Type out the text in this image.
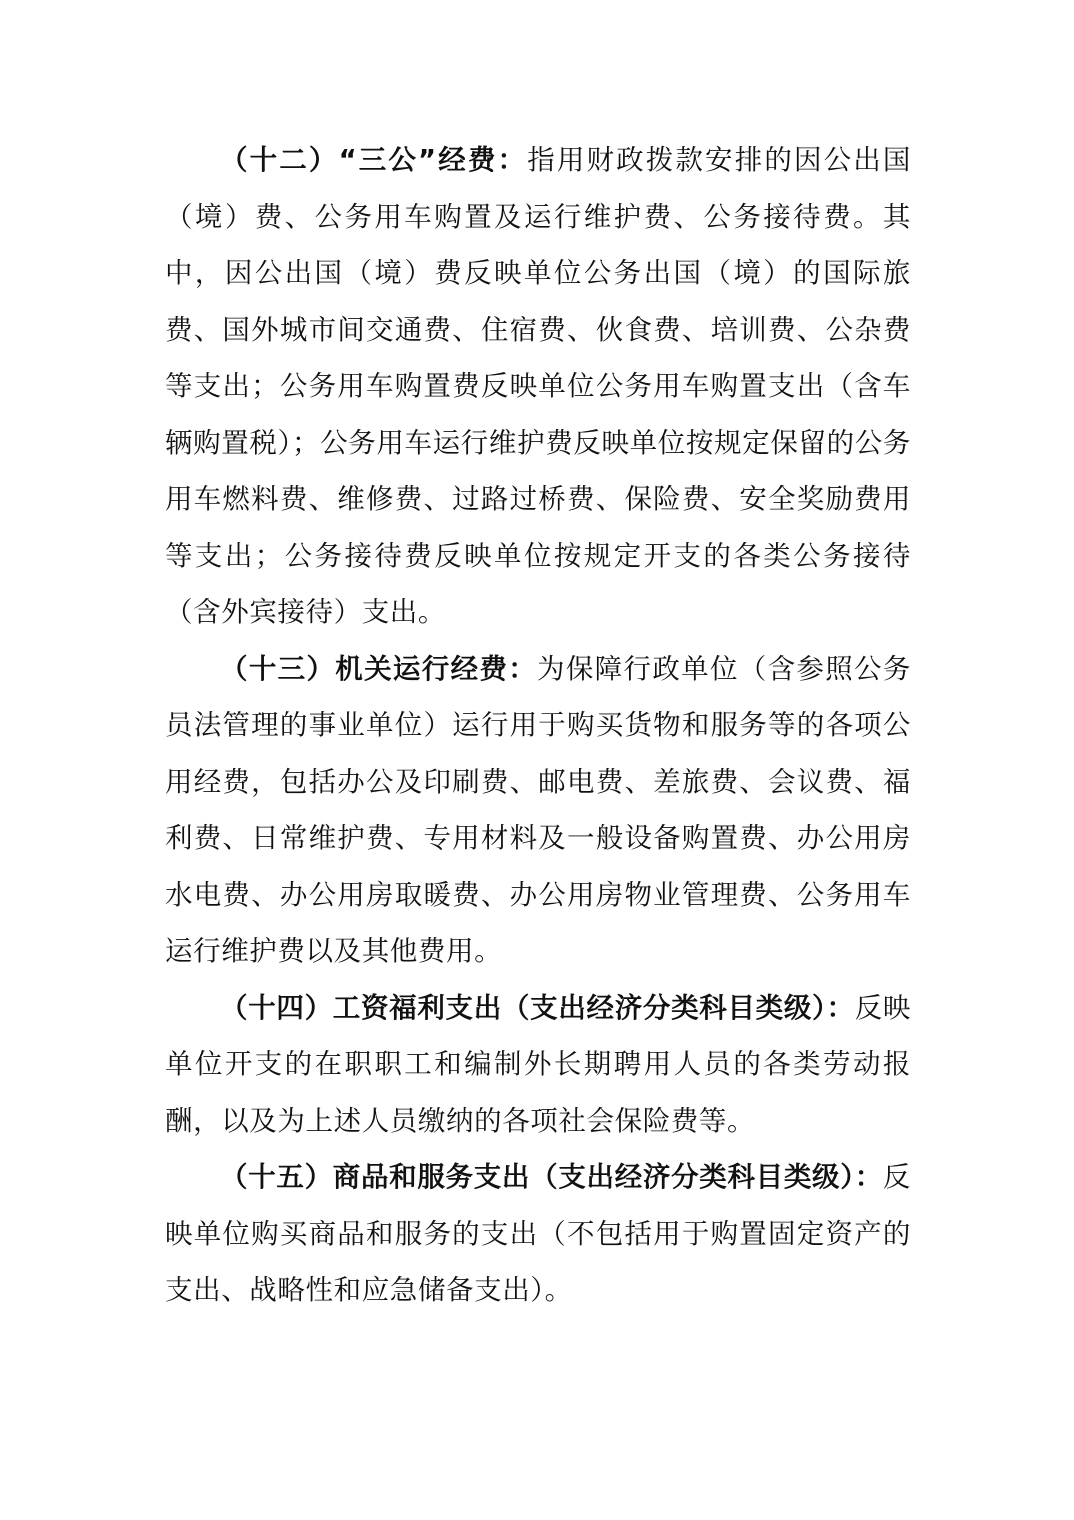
（十二）“三公”经费：指用财政拨款安排的因公出国（境）费、公务用车购置及运行维护费、公务接待费。其中，因公出国（境）费反映单位公务出国（境）的国际旅费、国外城市间交通费、住宿费、伙食费、培训费、公杂费等支出；公务用车购置费反映单位公务用车购置支出（含车辆购置税）；公务用车运行维护费反映单位按规定保留的公务用车燃料费、维修费、过路过桥费、保险费、安全奖励费用等支出；公务接待费反映单位按规定开支的各类公务接待（含外宾接待）支出。

（十三）机关运行经费：为保障行政单位（含参照公务员法管理的事业单位）运行用于购买货物和服务等的各项公用经费，包括办公及印刷费、邮电费、差旅费、会议费、福利费、日常维护费、专用材料及一般设备购置费、办公用房水电费、办公用房取暖费、办公用房物业管理费、公务用车运行维护费以及其他费用。

（十四）工资福利支出（支出经济分类科目类级）：反映单位开支的在职职工和编制外长期聘用人员的各类劳动报酬，以及为上述人员缴纳的各项社会保险费等。

（十五）商品和服务支出（支出经济分类科目类级）：反映单位购买商品和服务的支出（不包括用于购置固定资产的支出、战略性和应急储备支出）。
